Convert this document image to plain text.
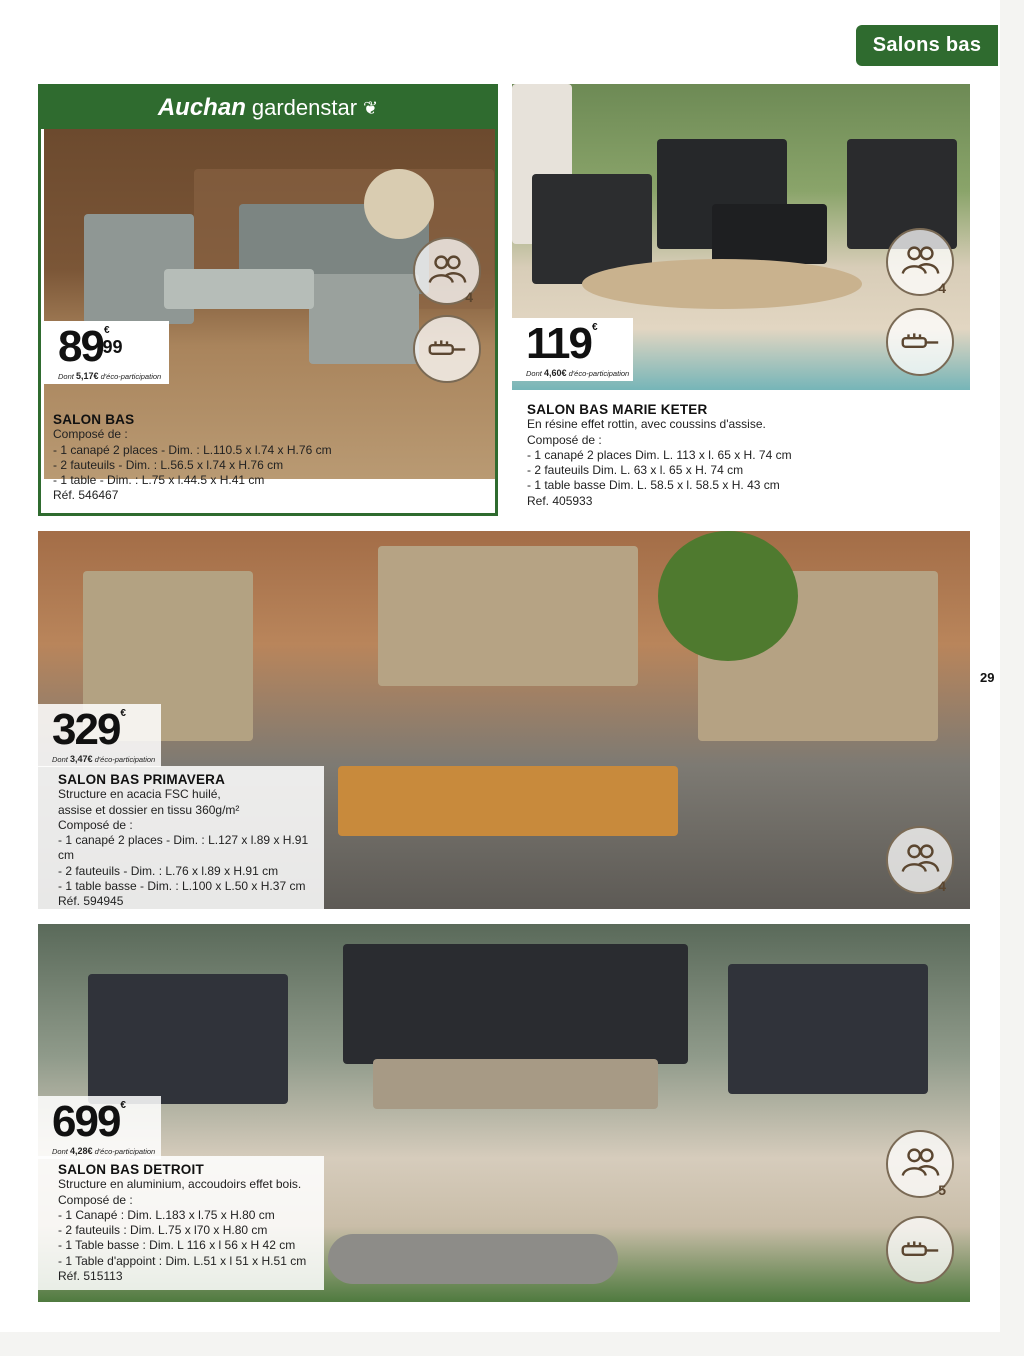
Salons bas
29
Auchan gardenstar ❦
89€99
Dont 5,17€ d'éco-participation
4
SALON BAS
Composé de :
- 1 canapé 2 places - Dim. : L.110.5 x l.74 x H.76 cm
- 2 fauteuils - Dim. : L.56.5 x l.74 x H.76 cm
- 1 table - Dim. : L.75 x l.44.5 x H.41 cm
Réf. 546467
119€
Dont 4,60€ d'éco-participation
4
SALON BAS MARIE KETER
En résine effet rottin, avec coussins d'assise.
Composé de :
- 1 canapé 2 places Dim. L. 113 x l. 65 x H. 74 cm
- 2 fauteuils Dim. L. 63 x l. 65 x H. 74 cm
- 1 table basse Dim. L. 58.5 x l. 58.5 x H. 43 cm
Ref. 405933
329€
Dont 3,47€ d'éco-participation
SALON BAS PRIMAVERA
Structure en acacia FSC huilé,
assise et dossier en tissu 360g/m²
Composé de :
- 1 canapé 2 places - Dim. : L.127 x l.89 x H.91 cm
- 2 fauteuils - Dim. : L.76 x l.89 x H.91 cm
- 1 table basse - Dim. : L.100 x L.50 x H.37 cm
Réf. 594945
4
699€
Dont 4,28€ d'éco-participation
SALON BAS DETROIT
Structure en aluminium, accoudoirs effet bois.
Composé de :
- 1 Canapé : Dim. L.183 x l.75 x H.80 cm
- 2 fauteuils : Dim. L.75 x l70 x H.80 cm
- 1 Table basse : Dim. L 116 x l 56 x H 42 cm
- 1 Table d'appoint : Dim. L.51 x l 51 x H.51 cm
Réf. 515113
5
